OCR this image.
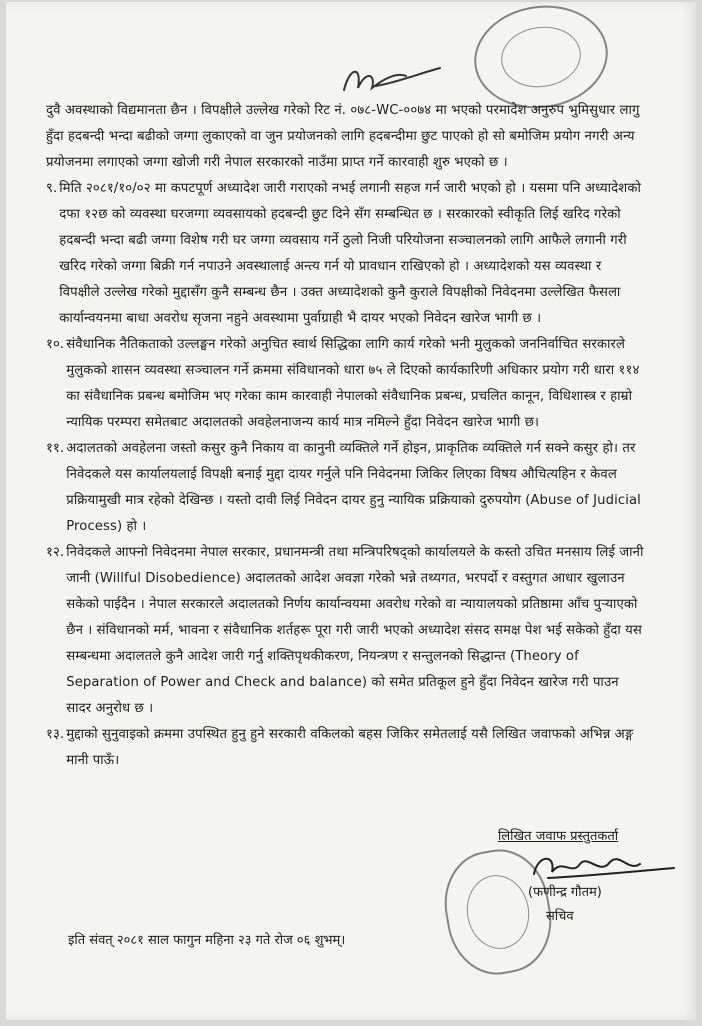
दुवै अवस्थाको विद्यमानता छैन । विपक्षीले उल्लेख गरेको रिट नं. ०७८-WC-००७४ मा भएको परमादेश अनुरुप भुमिसुधार लागु हुँदा हदबन्दी भन्दा बढीको जग्गा लुकाएको वा जुन प्रयोजनको लागि हदबन्दीमा छुट पाएको हो सो बमोजिम प्रयोग नगरी अन्य प्रयोजनमा लगाएको जग्गा खोजी गरी नेपाल सरकारको नाउँमा प्राप्त गर्ने कारवाही शुरु भएको छ ।

९. मिति २०८१/१०/०२ मा कपटपूर्ण अध्यादेश जारी गराएको नभई लगानी सहज गर्न जारी भएको हो । यसमा पनि अध्यादेशको दफा १२छ को व्यवस्था घरजग्गा व्यवसायको हदबन्दी छुट दिने सँग सम्बन्धित छ । सरकारको स्वीकृति लिई खरिद गरेको हदबन्दी भन्दा बढी जग्गा विशेष गरी घर जग्गा व्यवसाय गर्ने ठुलो निजी परियोजना सञ्चालनको लागि आफैले लगानी गरी खरिद गरेको जग्गा बिक्री गर्न नपाउने अवस्थालाई अन्त्य गर्न यो प्रावधान राखिएको हो । अध्यादेशको यस व्यवस्था र विपक्षीले उल्लेख गरेको मुद्दासँग कुनै सम्बन्ध छैन । उक्त अध्यादेशको कुनै कुराले विपक्षीको निवेदनमा उल्लेखित फैसला कार्यान्वयनमा बाधा अवरोध सृजना नहुने अवस्थामा पुर्वाग्राही भै दायर भएको निवेदन खारेज भागी छ ।
१०. संवैधानिक नैतिकताको उल्लङ्घन गरेको अनुचित स्वार्थ सिद्धिका लागि कार्य गरेको भनी मुलुकको जननिर्वाचित सरकारले मुलुकको शासन व्यवस्था सञ्चालन गर्ने क्रममा संविधानको धारा ७५ ले दिएको कार्यकारिणी अधिकार प्रयोग गरी धारा ११४ का संवैधानिक प्रबन्ध बमोजिम भए गरेका काम कारवाही नेपालको संवैधानिक प्रबन्ध, प्रचलित कानून, विधिशास्त्र र हाम्रो न्यायिक परम्परा समेतबाट अदालतको अवहेलनाजन्य कार्य मात्र नमिल्ने हुँदा निवेदन खारेज भागी छ।
११. अदालतको अवहेलना जस्तो कसुर कुनै निकाय वा कानुनी व्यक्तिले गर्ने होइन, प्राकृतिक व्यक्तिले गर्न सक्ने कसुर हो। तर निवेदकले यस कार्यालयलाई विपक्षी बनाई मुद्दा दायर गर्नुले पनि निवेदनमा जिकिर लिएका विषय औचित्यहिन र केवल प्रक्रियामुखी मात्र रहेको देखिन्छ । यस्तो दावी लिई निवेदन दायर हुनु न्यायिक प्रक्रियाको दुरुपयोग (Abuse of Judicial Process) हो ।
१२. निवेदकले आफ्नो निवेदनमा नेपाल सरकार, प्रधानमन्त्री तथा मन्त्रिपरिषद्को कार्यालयले के कस्तो उचित मनसाय लिई जानी जानी (Willful Disobedience) अदालतको आदेश अवज्ञा गरेको भन्ने तथ्यगत, भरपर्दो र वस्तुगत आधार खुलाउन सकेको पाईदैन । नेपाल सरकारले अदालतको निर्णय कार्यान्वयमा अवरोध गरेको वा न्यायालयको प्रतिष्ठामा आँच पुऱ्याएको छैन । संविधानको मर्म, भावना र संवैधानिक शर्तहरू पूरा गरी जारी भएको अध्यादेश संसद समक्ष पेश भई सकेको हुँदा यस सम्बन्धमा अदालतले कुनै आदेश जारी गर्नु शक्तिपृथकीकरण, नियन्त्रण र सन्तुलनको सिद्धान्त (Theory of Separation of Power and Check and balance) को समेत प्रतिकूल हुने हुँदा निवेदन खारेज गरी पाउन सादर अनुरोध छ ।
१३. मुद्दाको सुनुवाइको क्रममा उपस्थित हुनु हुने सरकारी वकिलको बहस जिकिर समेतलाई यसै लिखित जवाफको अभिन्न अङ्ग मानी पाऊँ।
लिखित जवाफ प्रस्तुतकर्ता
(फणीन्द्र गौतम)
सचिव
इति संवत् २०८१ साल फागुन महिना २३ गते रोज ०६ शुभम्।
